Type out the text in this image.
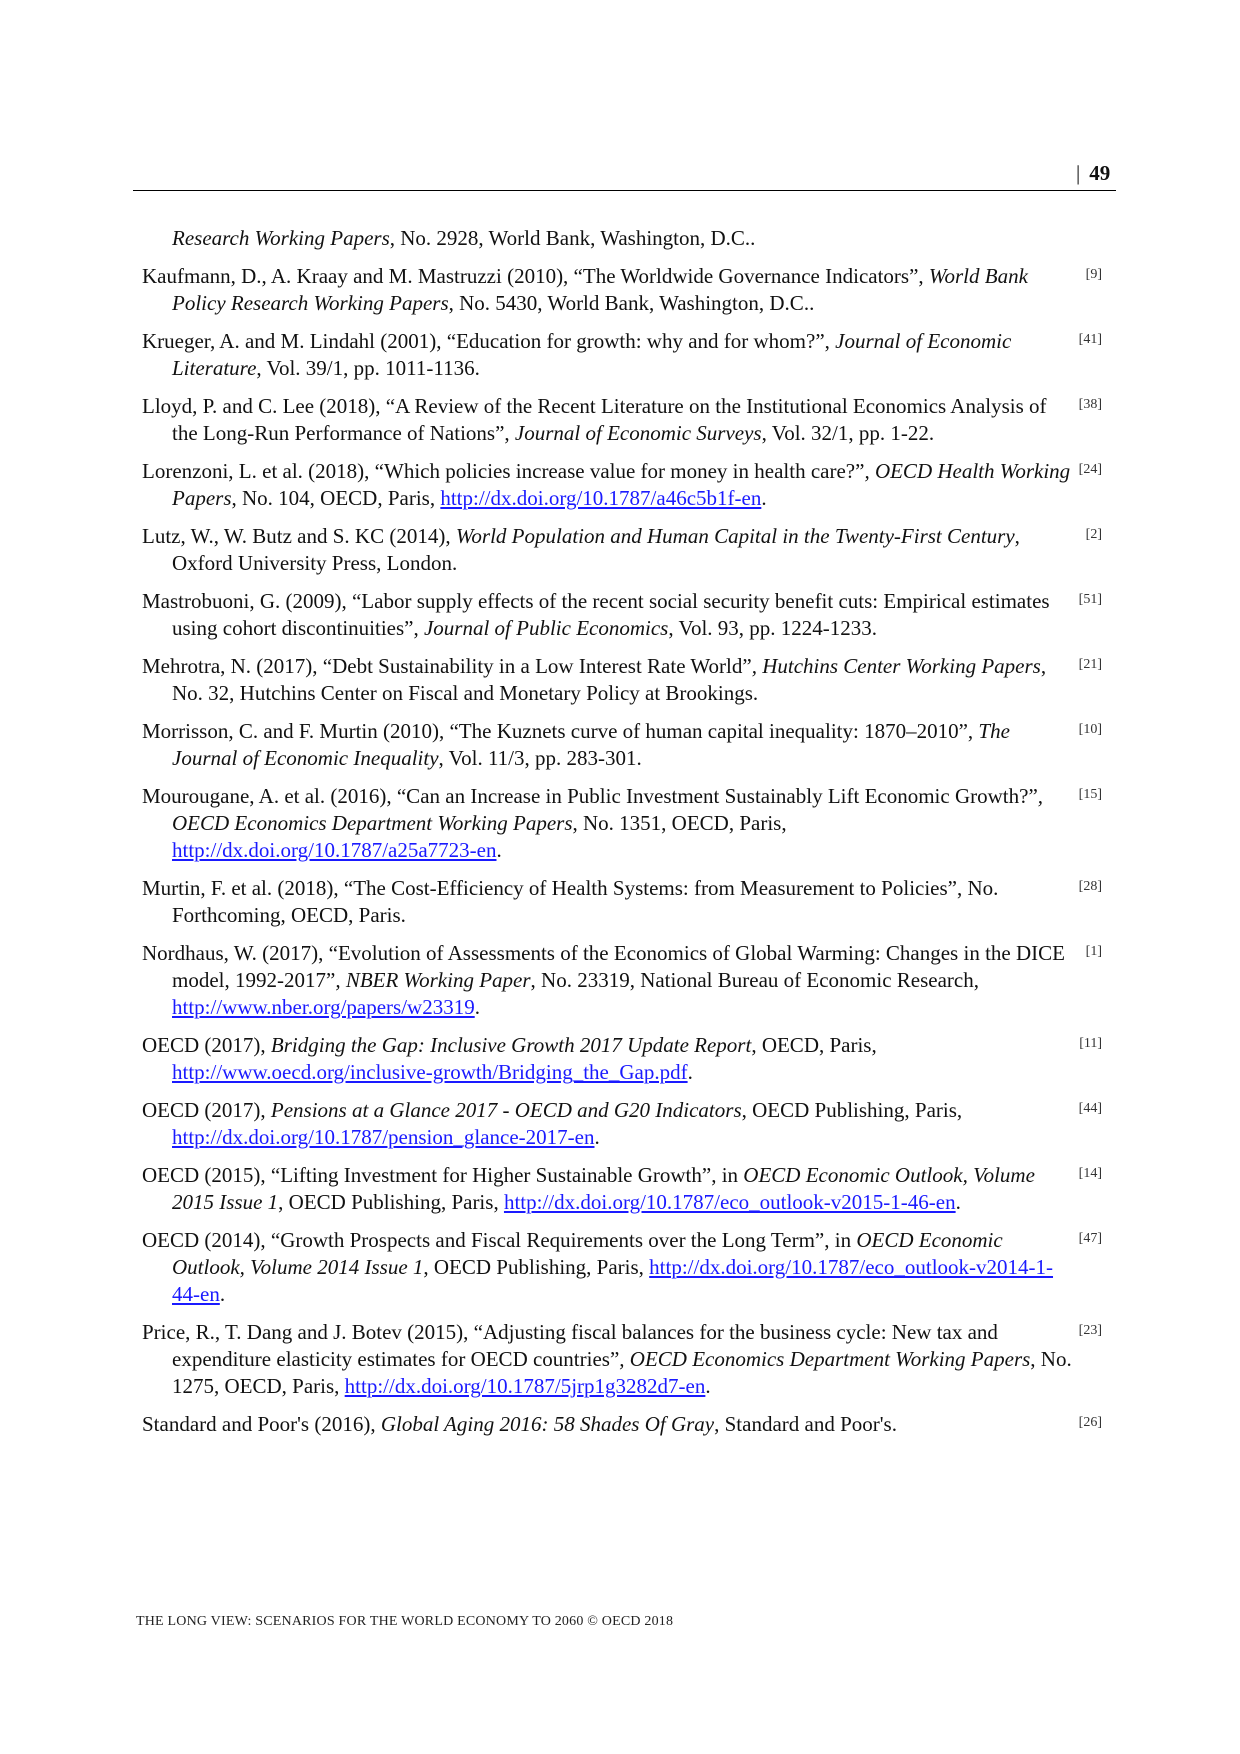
| 49
Research Working Papers, No. 2928, World Bank, Washington, D.C..
Kaufmann, D., A. Kraay and M. Mastruzzi (2010), “The Worldwide Governance Indicators”, World Bank Policy Research Working Papers, No. 5430, World Bank, Washington, D.C..
[9]
Krueger, A. and M. Lindahl (2001), “Education for growth: why and for whom?”, Journal of Economic Literature, Vol. 39/1, pp. 1011-1136.
[41]
Lloyd, P. and C. Lee (2018), “A Review of the Recent Literature on the Institutional Economics Analysis of the Long-Run Performance of Nations”, Journal of Economic Surveys, Vol. 32/1, pp. 1-22.
[38]
Lorenzoni, L. et al. (2018), “Which policies increase value for money in health care?”, OECD Health Working Papers, No. 104, OECD, Paris, http://dx.doi.org/10.1787/a46c5b1f-en.
[24]
Lutz, W., W. Butz and S. KC (2014), World Population and Human Capital in the Twenty-First Century, Oxford University Press, London.
[2]
Mastrobuoni, G. (2009), “Labor supply effects of the recent social security benefit cuts: Empirical estimates using cohort discontinuities”, Journal of Public Economics, Vol. 93, pp. 1224-1233.
[51]
Mehrotra, N. (2017), “Debt Sustainability in a Low Interest Rate World”, Hutchins Center Working Papers, No. 32, Hutchins Center on Fiscal and Monetary Policy at Brookings.
[21]
Morrisson, C. and F. Murtin (2010), “The Kuznets curve of human capital inequality: 1870–2010”, The Journal of Economic Inequality, Vol. 11/3, pp. 283-301.
[10]
Mourougane, A. et al. (2016), “Can an Increase in Public Investment Sustainably Lift Economic Growth?”, OECD Economics Department Working Papers, No. 1351, OECD, Paris, http://dx.doi.org/10.1787/a25a7723-en.
[15]
Murtin, F. et al. (2018), “The Cost-Efficiency of Health Systems: from Measurement to Policies”, No. Forthcoming, OECD, Paris.
[28]
Nordhaus, W. (2017), “Evolution of Assessments of the Economics of Global Warming: Changes in the DICE model, 1992-2017”, NBER Working Paper, No. 23319, National Bureau of Economic Research, http://www.nber.org/papers/w23319.
[1]
OECD (2017), Bridging the Gap: Inclusive Growth 2017 Update Report, OECD, Paris, http://www.oecd.org/inclusive-growth/Bridging_the_Gap.pdf.
[11]
OECD (2017), Pensions at a Glance 2017 - OECD and G20 Indicators, OECD Publishing, Paris, http://dx.doi.org/10.1787/pension_glance-2017-en.
[44]
OECD (2015), “Lifting Investment for Higher Sustainable Growth”, in OECD Economic Outlook, Volume 2015 Issue 1, OECD Publishing, Paris, http://dx.doi.org/10.1787/eco_outlook-v2015-1-46-en.
[14]
OECD (2014), “Growth Prospects and Fiscal Requirements over the Long Term”, in OECD Economic Outlook, Volume 2014 Issue 1, OECD Publishing, Paris, http://dx.doi.org/10.1787/eco_outlook-v2014-1-44-en.
[47]
Price, R., T. Dang and J. Botev (2015), “Adjusting fiscal balances for the business cycle: New tax and expenditure elasticity estimates for OECD countries”, OECD Economics Department Working Papers, No. 1275, OECD, Paris, http://dx.doi.org/10.1787/5jrp1g3282d7-en.
[23]
Standard and Poor's (2016), Global Aging 2016: 58 Shades Of Gray, Standard and Poor's.	[26]
THE LONG VIEW: SCENARIOS FOR THE WORLD ECONOMY TO 2060 © OECD 2018
